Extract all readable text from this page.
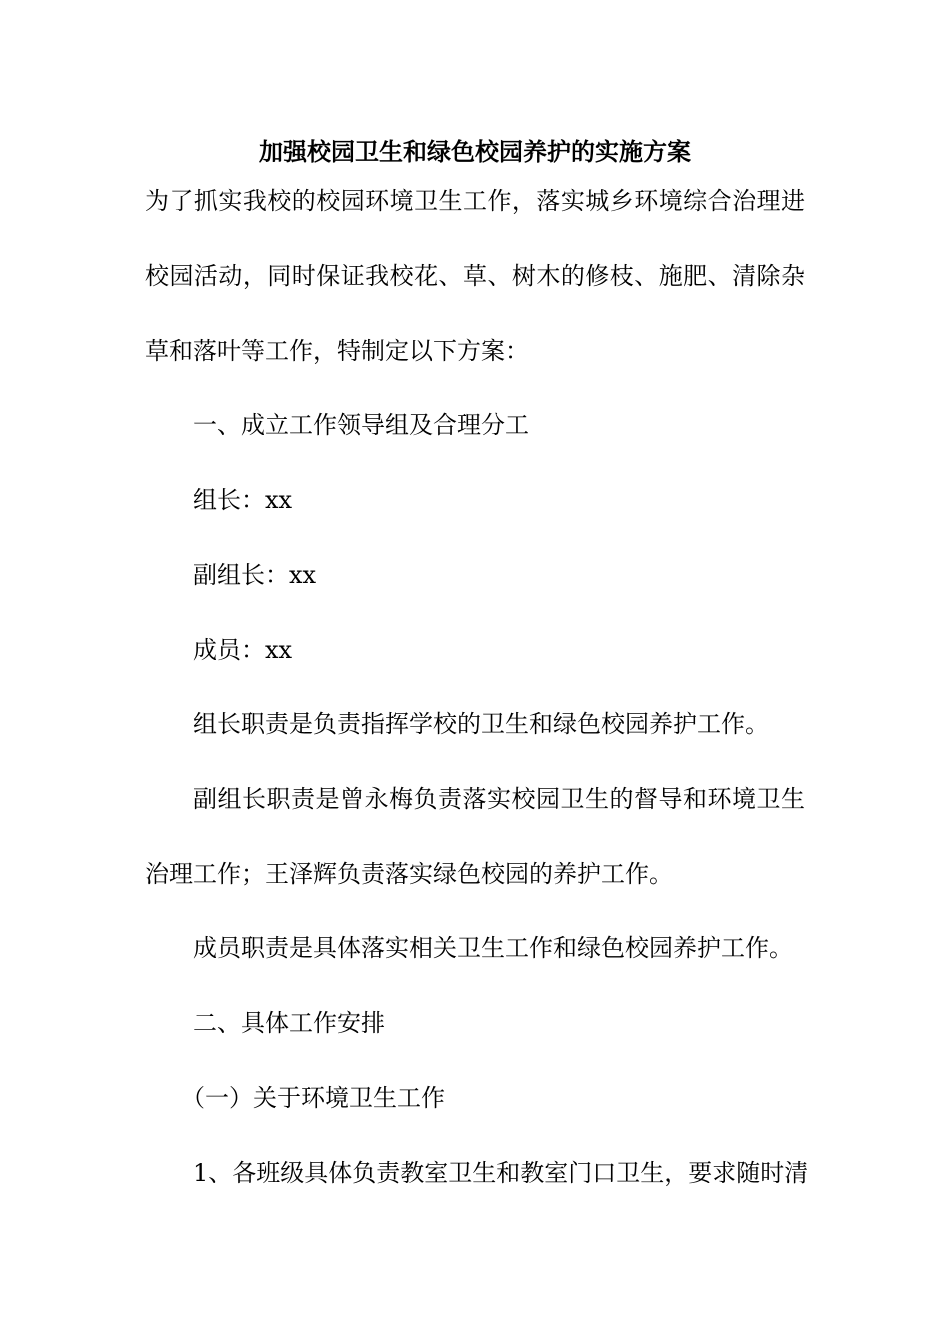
加强校园卫生和绿色校园养护的实施方案
为了抓实我校的校园环境卫生工作，落实城乡环境综合治理进
校园活动，同时保证我校花、草、树木的修枝、施肥、清除杂
草和落叶等工作，特制定以下方案：
一、成立工作领导组及合理分工
组长：xx
副组长：xx
成员：xx
组长职责是负责指挥学校的卫生和绿色校园养护工作。
副组长职责是曾永梅负责落实校园卫生的督导和环境卫生
治理工作；王泽辉负责落实绿色校园的养护工作。
成员职责是具体落实相关卫生工作和绿色校园养护工作。
二、具体工作安排
（一）关于环境卫生工作
1、各班级具体负责教室卫生和教室门口卫生，要求随时清
